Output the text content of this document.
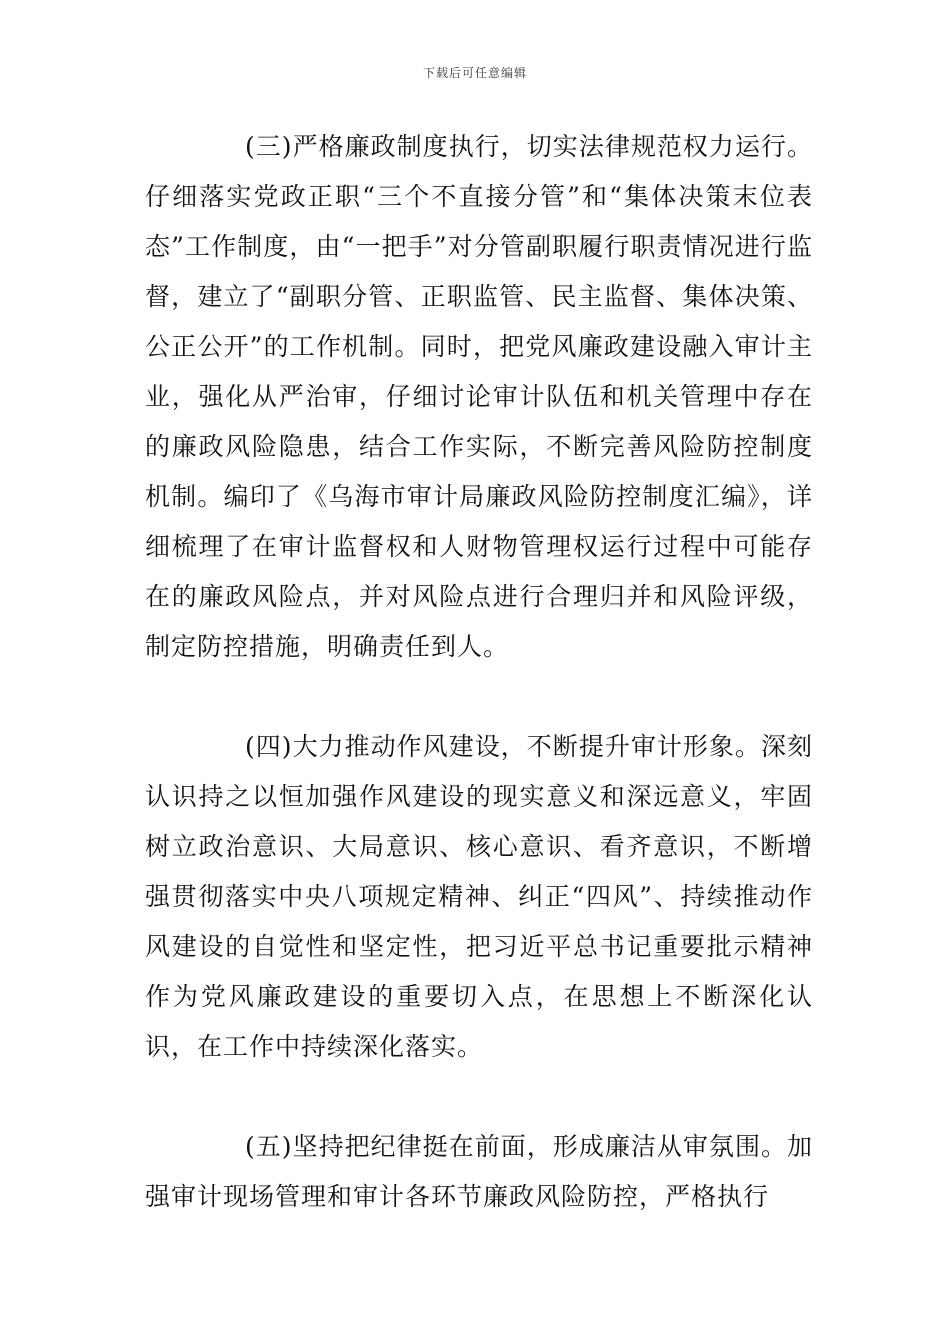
下载后可任意编辑

(三)严格廉政制度执行，切实法律规范权力运行。仔细落实党政正职“三个不直接分管”和“集体决策末位表态”工作制度，由“一把手”对分管副职履行职责情况进行监督，建立了“副职分管、正职监管、民主监督、集体决策、公正公开”的工作机制。同时，把党风廉政建设融入审计主业，强化从严治审，仔细讨论审计队伍和机关管理中存在的廉政风险隐患，结合工作实际，不断完善风险防控制度机制。编印了《乌海市审计局廉政风险防控制度汇编》，详细梳理了在审计监督权和人财物管理权运行过程中可能存在的廉政风险点，并对风险点进行合理归并和风险评级，制定防控措施，明确责任到人。

(四)大力推动作风建设，不断提升审计形象。深刻认识持之以恒加强作风建设的现实意义和深远意义，牢固树立政治意识、大局意识、核心意识、看齐意识，不断增强贯彻落实中央八项规定精神、纠正“四风”、持续推动作风建设的自觉性和坚定性，把习近平总书记重要批示精神作为党风廉政建设的重要切入点，在思想上不断深化认识，在工作中持续深化落实。

(五)坚持把纪律挺在前面，形成廉洁从审氛围。加强审计现场管理和审计各环节廉政风险防控，严格执行
